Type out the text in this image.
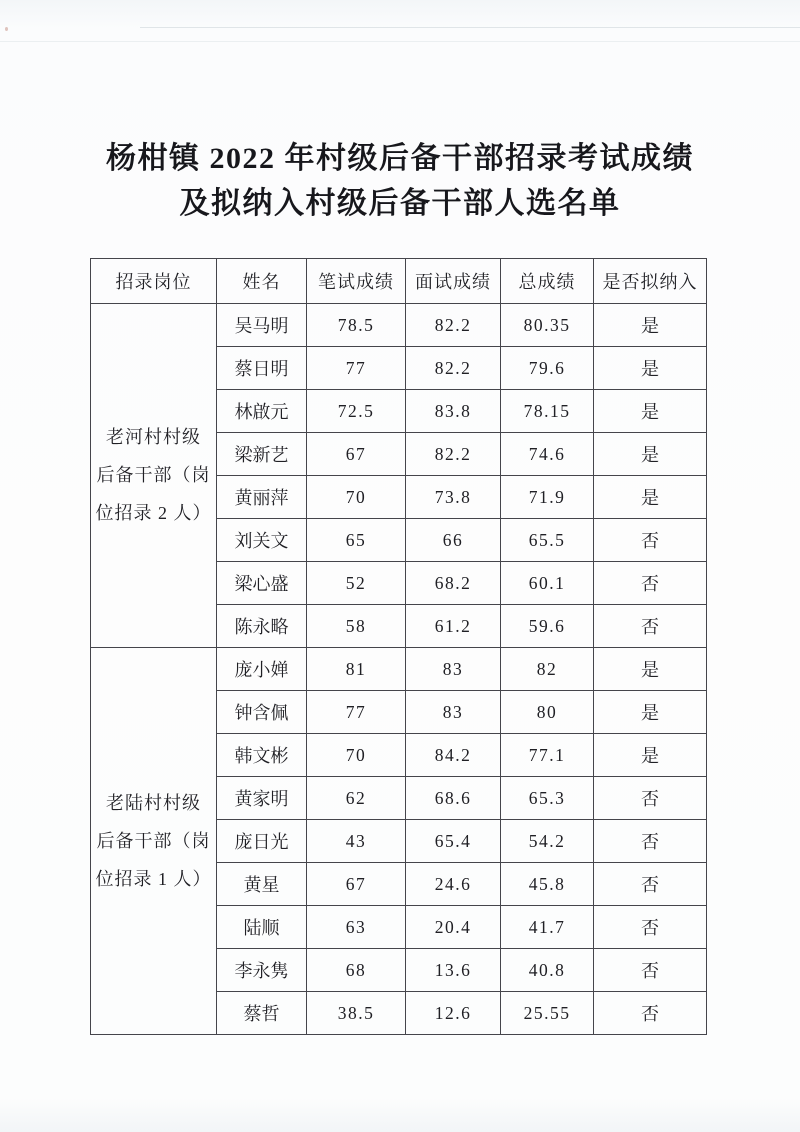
杨柑镇 2022 年村级后备干部招录考试成绩
及拟纳入村级后备干部人选名单
招录岗位	姓名	笔试成绩	面试成绩	总成绩	是否拟纳入

老河村村级
后备干部（岗
位招录 2 人）	吴马明	78.5	82.2	80.35	是
	蔡日明	77	82.2	79.6	是
	林啟元	72.5	83.8	78.15	是
	梁新艺	67	82.2	74.6	是
	黄丽萍	70	73.8	71.9	是
	刘关文	65	66	65.5	否
	梁心盛	52	68.2	60.1	否
	陈永略	58	61.2	59.6	否

老陆村村级
后备干部（岗
位招录 1 人）	庞小婵	81	83	82	是
	钟含佩	77	83	80	是
	韩文彬	70	84.2	77.1	是
	黄家明	62	68.6	65.3	否
	庞日光	43	65.4	54.2	否
	黄星	67	24.6	45.8	否
	陆顺	63	20.4	41.7	否
	李永隽	68	13.6	40.8	否
	蔡哲	38.5	12.6	25.55	否
